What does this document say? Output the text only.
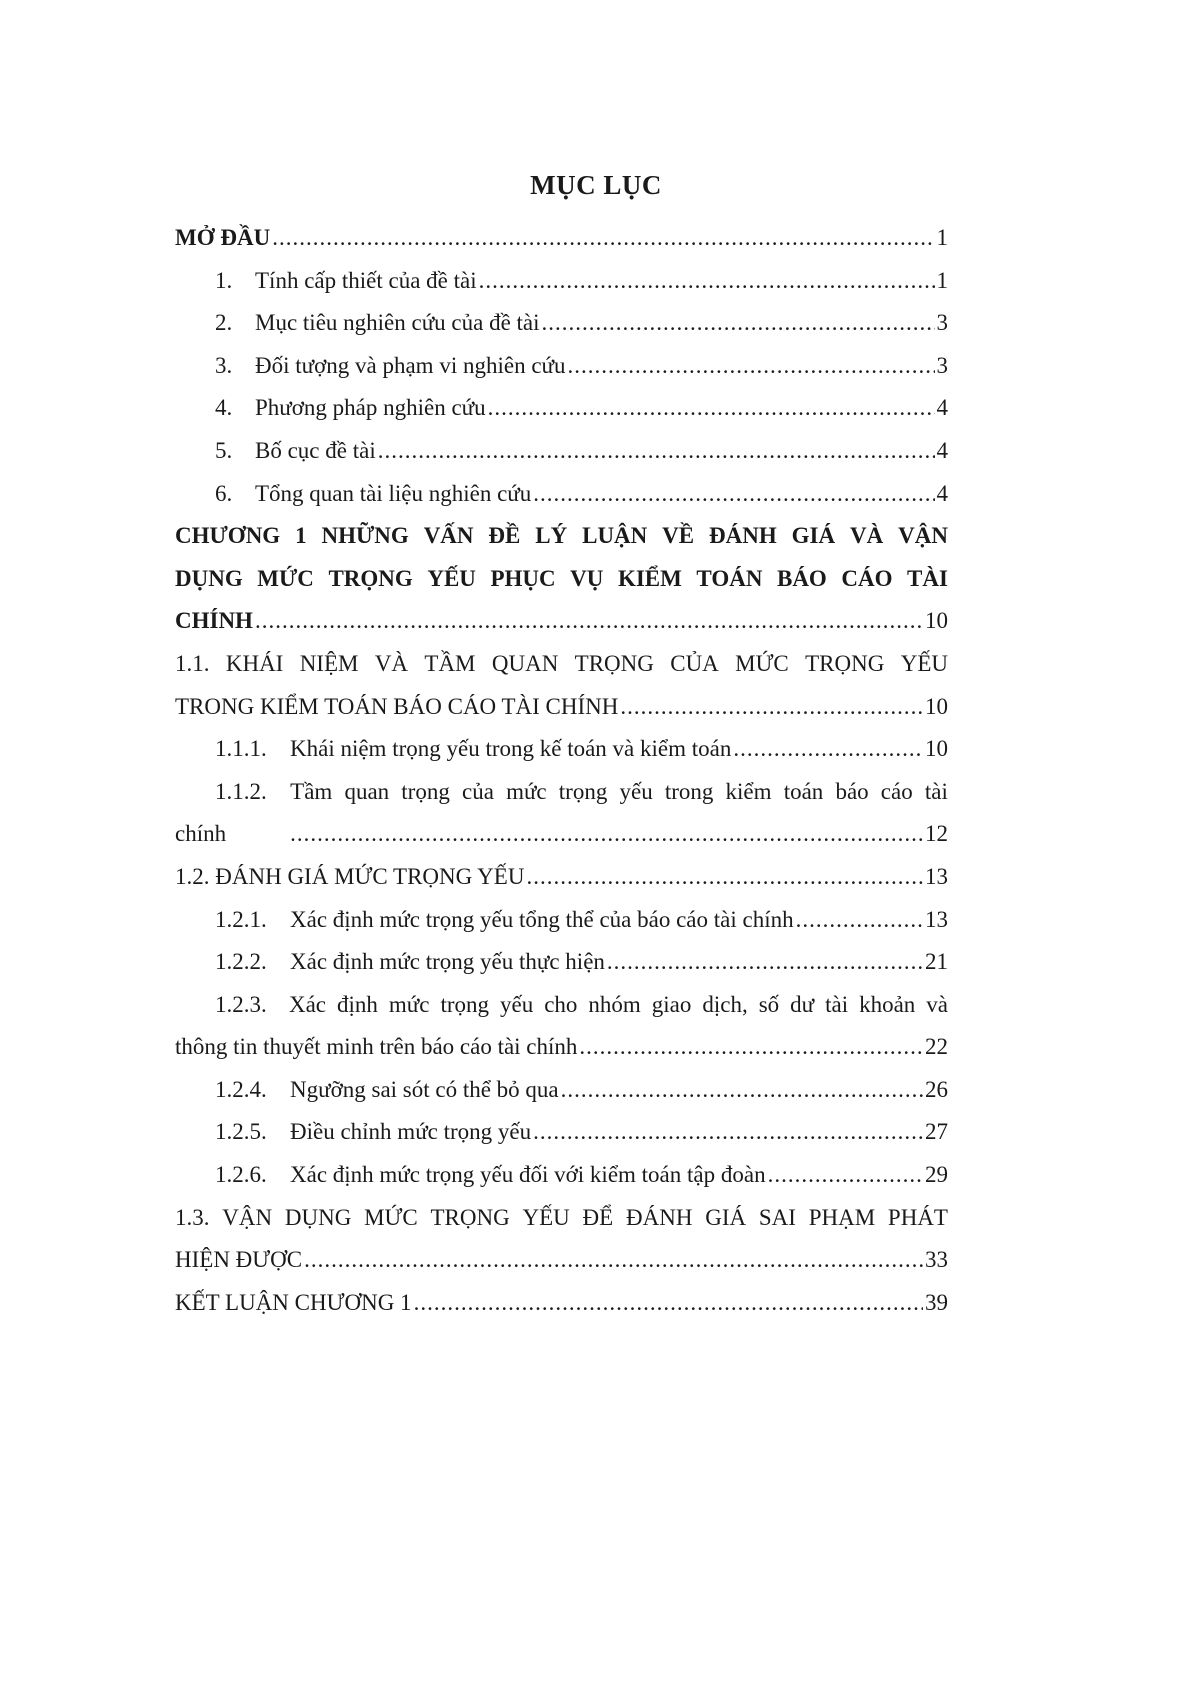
MỤC LỤC
MỞ ĐẦU .....	1
1. Tính cấp thiết của đề tài .....	1
2. Mục tiêu nghiên cứu của đề tài .....	3
3. Đối tượng và phạm vi nghiên cứu .....	3
4. Phương pháp nghiên cứu .....	4
5. Bố cục đề tài .....	4
6. Tổng quan tài liệu nghiên cứu .....	4
CHƯƠNG 1 NHỮNG VẤN ĐỀ LÝ LUẬN VỀ ĐÁNH GIÁ VÀ VẬN
DỤNG MỨC TRỌNG YẾU PHỤC VỤ KIỂM TOÁN BÁO CÁO TÀI
CHÍNH .....	10
1.1. KHÁI NIỆM VÀ TẦM QUAN TRỌNG CỦA MỨC TRỌNG YẾU
TRONG KIỂM TOÁN BÁO CÁO TÀI CHÍNH .....	10
1.1.1.	Khái niệm trọng yếu trong kế toán và kiểm toán .....	10
1.1.2.	Tầm quan trọng của mức trọng yếu trong kiểm toán báo cáo tài
chính .....	12
1.2. ĐÁNH GIÁ MỨC TRỌNG YẾU .....	13
1.2.1.	Xác định mức trọng yếu tổng thể của báo cáo tài chính .....	13
1.2.2.	Xác định mức trọng yếu thực hiện .....	21
1.2.3. Xác định mức trọng yếu cho nhóm giao dịch, số dư tài khoản và
thông tin thuyết minh trên báo cáo tài chính .....	22
1.2.4.	Ngưỡng sai sót có thể bỏ qua .....	26
1.2.5.	Điều chỉnh mức trọng yếu .....	27
1.2.6.	Xác định mức trọng yếu đối với kiểm toán tập đoàn .....	29
1.3. VẬN DỤNG MỨC TRỌNG YẾU ĐỂ ĐÁNH GIÁ SAI PHẠM PHÁT
HIỆN ĐƯỢC .....	33
KẾT LUẬN CHƯƠNG 1 .....	39
